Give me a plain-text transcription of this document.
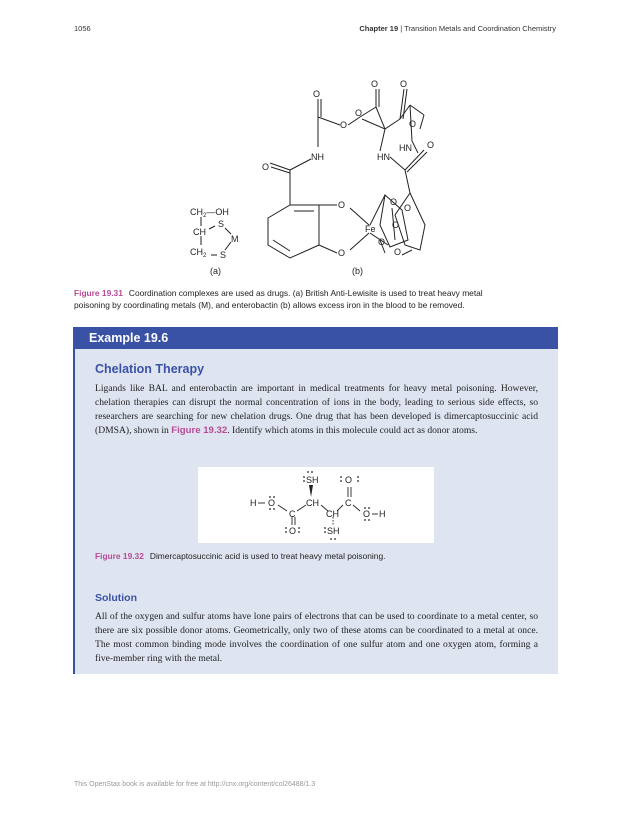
1056	Chapter 19 | Transition Metals and Coordination Chemistry
$CH_2—OH$
CH
S
M
$CH_2$ S
O
O
Fe
O
NH
O
O
O
O
O
O
HN
HN O
O
O
O
O
O
(a)	(b)
Figure 19.31 Coordination complexes are used as drugs. (a) British Anti-Lewisite is used to treat heavy metal
poisoning by coordinating metals (M), and enterobactin (b) allows excess iron in the blood to be removed.
Example 19.6
Chelation Therapy
Ligands like BAL and enterobactin are important in medical treatments for heavy metal poisoning. However, chelation therapies can disrupt the normal concentration of ions in the body, leading to serious side effects, so researchers are searching for new chelation drugs. One drug that has been developed is dimercaptosuccinic acid (DMSA), shown in Figure 19.32. Identify which atoms in this molecule could act as donor atoms.
H O
C
O
CH
SH
CH
SH
C
O
O H
Figure 19.32 Dimercaptosuccinic acid is used to treat heavy metal poisoning.
Solution
All of the oxygen and sulfur atoms have lone pairs of electrons that can be used to coordinate to a metal center, so there are six possible donor atoms. Geometrically, only two of these atoms can be coordinated to a metal at once. The most common binding mode involves the coordination of one sulfur atom and one oxygen atom, forming a five-member ring with the metal.
This OpenStax book is available for free at http://cnx.org/content/col26488/1.3
